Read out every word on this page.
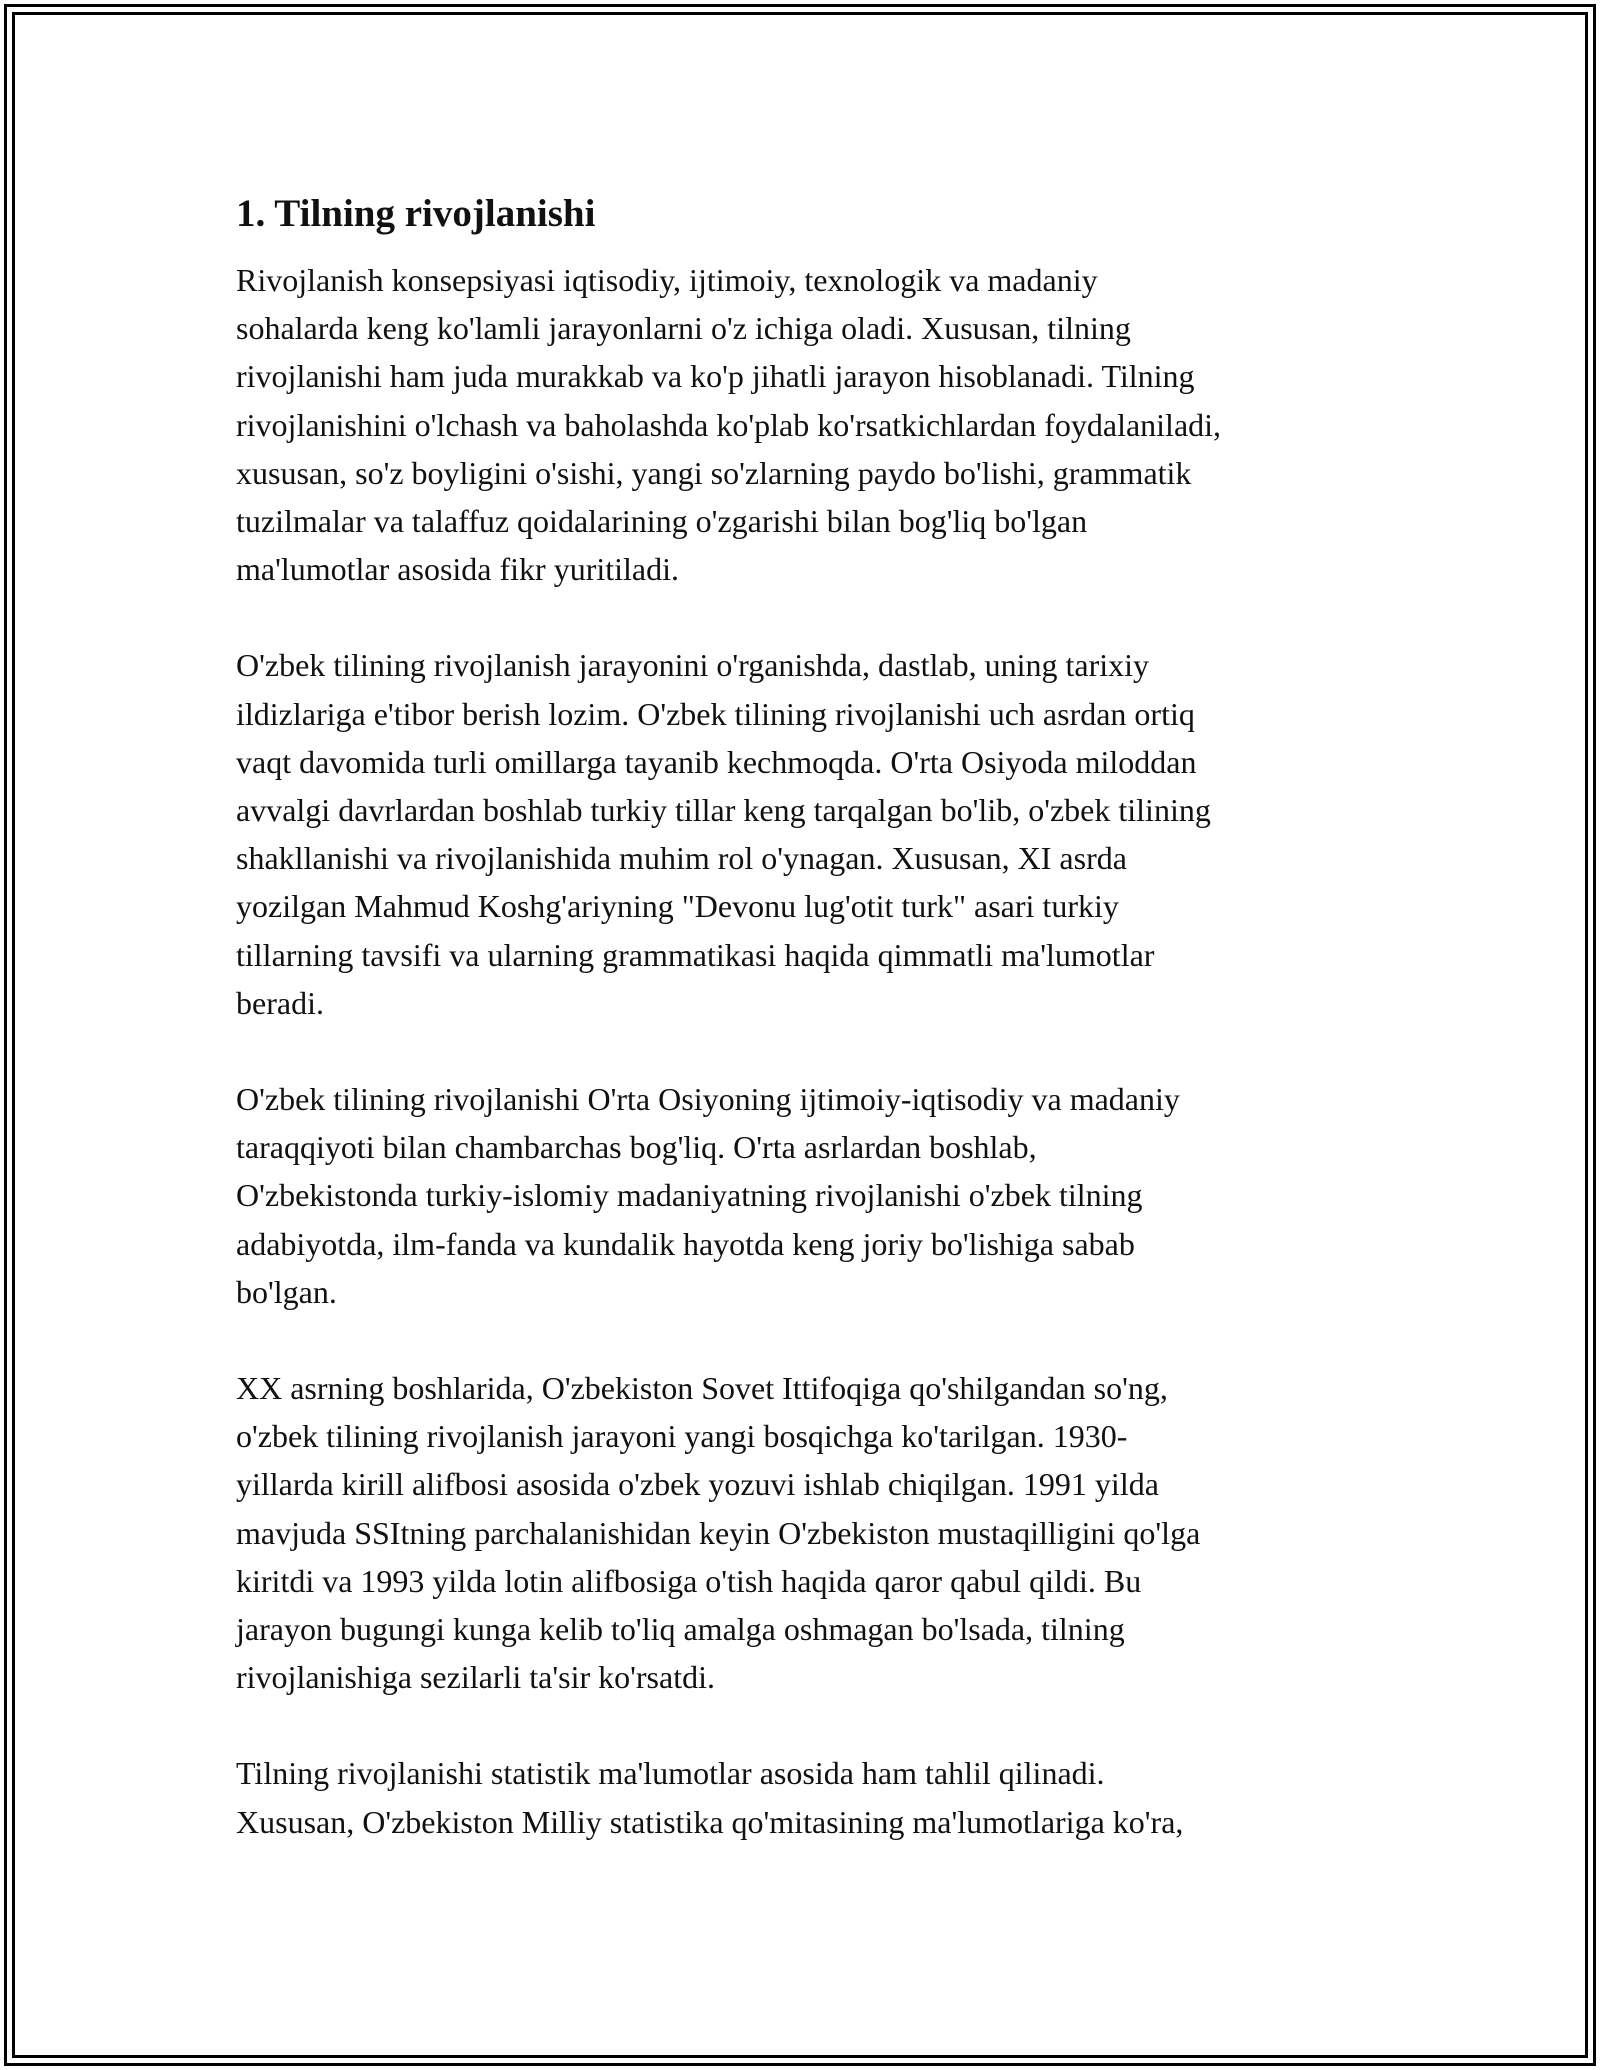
1. Tilning rivojlanishi
Rivojlanish konsepsiyasi iqtisodiy, ijtimoiy, texnologik va madaniy
sohalarda keng ko'lamli jarayonlarni o'z ichiga oladi. Xususan, tilning
rivojlanishi ham juda murakkab va ko'p jihatli jarayon hisoblanadi. Tilning
rivojlanishini o'lchash va baholashda ko'plab ko'rsatkichlardan foydalaniladi,
xususan, so'z boyligini o'sishi, yangi so'zlarning paydo bo'lishi, grammatik
tuzilmalar va talaffuz qoidalarining o'zgarishi bilan bog'liq bo'lgan
ma'lumotlar asosida fikr yuritiladi.
O'zbek tilining rivojlanish jarayonini o'rganishda, dastlab, uning tarixiy
ildizlariga e'tibor berish lozim. O'zbek tilining rivojlanishi uch asrdan ortiq
vaqt davomida turli omillarga tayanib kechmoqda. O'rta Osiyoda miloddan
avvalgi davrlardan boshlab turkiy tillar keng tarqalgan bo'lib, o'zbek tilining
shakllanishi va rivojlanishida muhim rol o'ynagan. Xususan, XI asrda
yozilgan Mahmud Koshg'ariyning "Devonu lug'otit turk" asari turkiy
tillarning tavsifi va ularning grammatikasi haqida qimmatli ma'lumotlar
beradi.
O'zbek tilining rivojlanishi O'rta Osiyoning ijtimoiy-iqtisodiy va madaniy
taraqqiyoti bilan chambarchas bog'liq. O'rta asrlardan boshlab,
O'zbekistonda turkiy-islomiy madaniyatning rivojlanishi o'zbek tilning
adabiyotda, ilm-fanda va kundalik hayotda keng joriy bo'lishiga sabab
bo'lgan.
XX asrning boshlarida, O'zbekiston Sovet Ittifoqiga qo'shilgandan so'ng,
o'zbek tilining rivojlanish jarayoni yangi bosqichga ko'tarilgan. 1930-
yillarda kirill alifbosi asosida o'zbek yozuvi ishlab chiqilgan. 1991 yilda
mavjuda SSItning parchalanishidan keyin O'zbekiston mustaqilligini qo'lga
kiritdi va 1993 yilda lotin alifbosiga o'tish haqida qaror qabul qildi. Bu
jarayon bugungi kunga kelib to'liq amalga oshmagan bo'lsada, tilning
rivojlanishiga sezilarli ta'sir ko'rsatdi.
Tilning rivojlanishi statistik ma'lumotlar asosida ham tahlil qilinadi.
Xususan, O'zbekiston Milliy statistika qo'mitasining ma'lumotlariga ko'ra,
